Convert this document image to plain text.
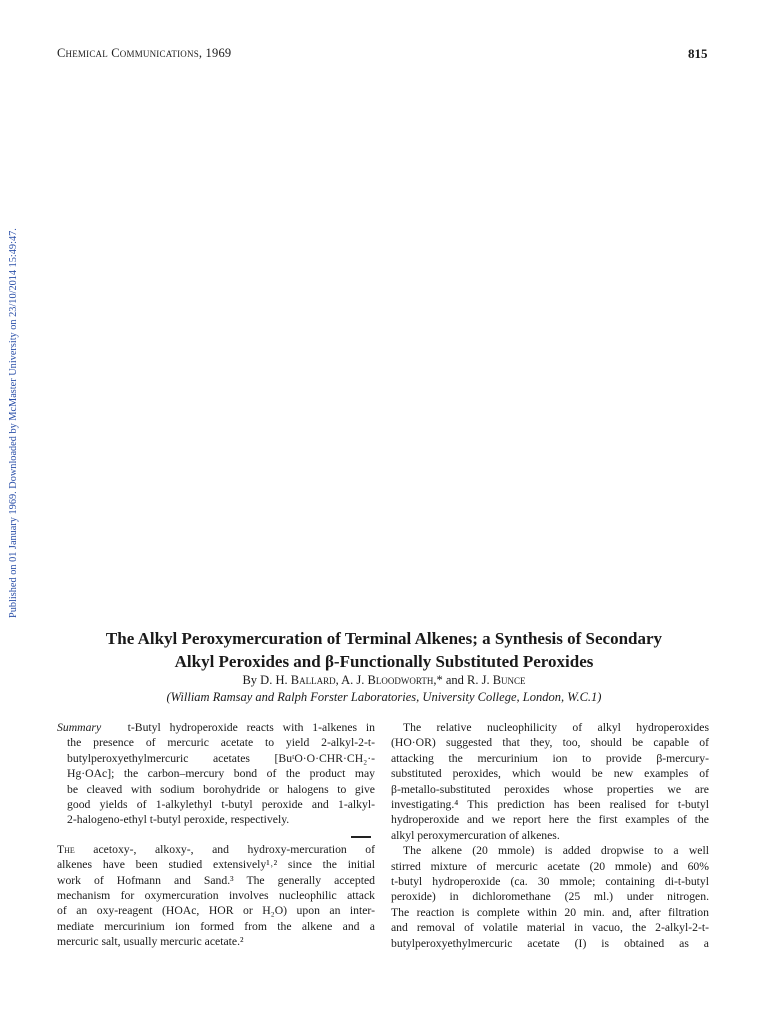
Chemical Communications, 1969	815
Published on 01 January 1969. Downloaded by McMaster University on 23/10/2014 15:49:47.
The Alkyl Peroxymercuration of Terminal Alkenes; a Synthesis of Secondary
Alkyl Peroxides and β-Functionally Substituted Peroxides
By D. H. Ballard, A. J. Bloodworth,* and R. J. Bunce
(William Ramsay and Ralph Forster Laboratories, University College, London, W.C.1)
Summary t-Butyl hydroperoxide reacts with 1-alkenes in
the presence of mercuric acetate to yield 2-alkyl-2-t-
butylperoxyethylmercuric acetates [BuᵗO·O·CHR·CH₂·-
Hg·OAc]; the carbon–mercury bond of the product may
be cleaved with sodium borohydride or halogens to give
good yields of 1-alkylethyl t-butyl peroxide and 1-alkyl-
2-halogeno-ethyl t-butyl peroxide, respectively.
The acetoxy-, alkoxy-, and hydroxy-mercuration of
alkenes have been studied extensively¹˒² since the initial
work of Hofmann and Sand.³ The generally accepted
mechanism for oxymercuration involves nucleophilic attack
of an oxy-reagent (HOAc, HOR or H₂O) upon an inter-
mediate mercurinium ion formed from the alkene and a
mercuric salt, usually mercuric acetate.²
The relative nucleophilicity of alkyl hydroperoxides
(HO·OR) suggested that they, too, should be capable of
attacking the mercurinium ion to provide β-mercury-
substituted peroxides, which would be new examples of
β-metallo-substituted peroxides whose properties we are
investigating.⁴ This prediction has been realised for t-butyl
hydroperoxide and we report here the first examples of the
alkyl peroxymercuration of alkenes.
The alkene (20 mmole) is added dropwise to a well
stirred mixture of mercuric acetate (20 mmole) and 60%
t-butyl hydroperoxide (ca. 30 mmole; containing di-t-butyl
peroxide) in dichloromethane (25 ml.) under nitrogen.
The reaction is complete within 20 min. and, after filtration
and removal of volatile material in vacuo, the 2-alkyl-2-t-
butylperoxyethylmercuric acetate (I) is obtained as a
